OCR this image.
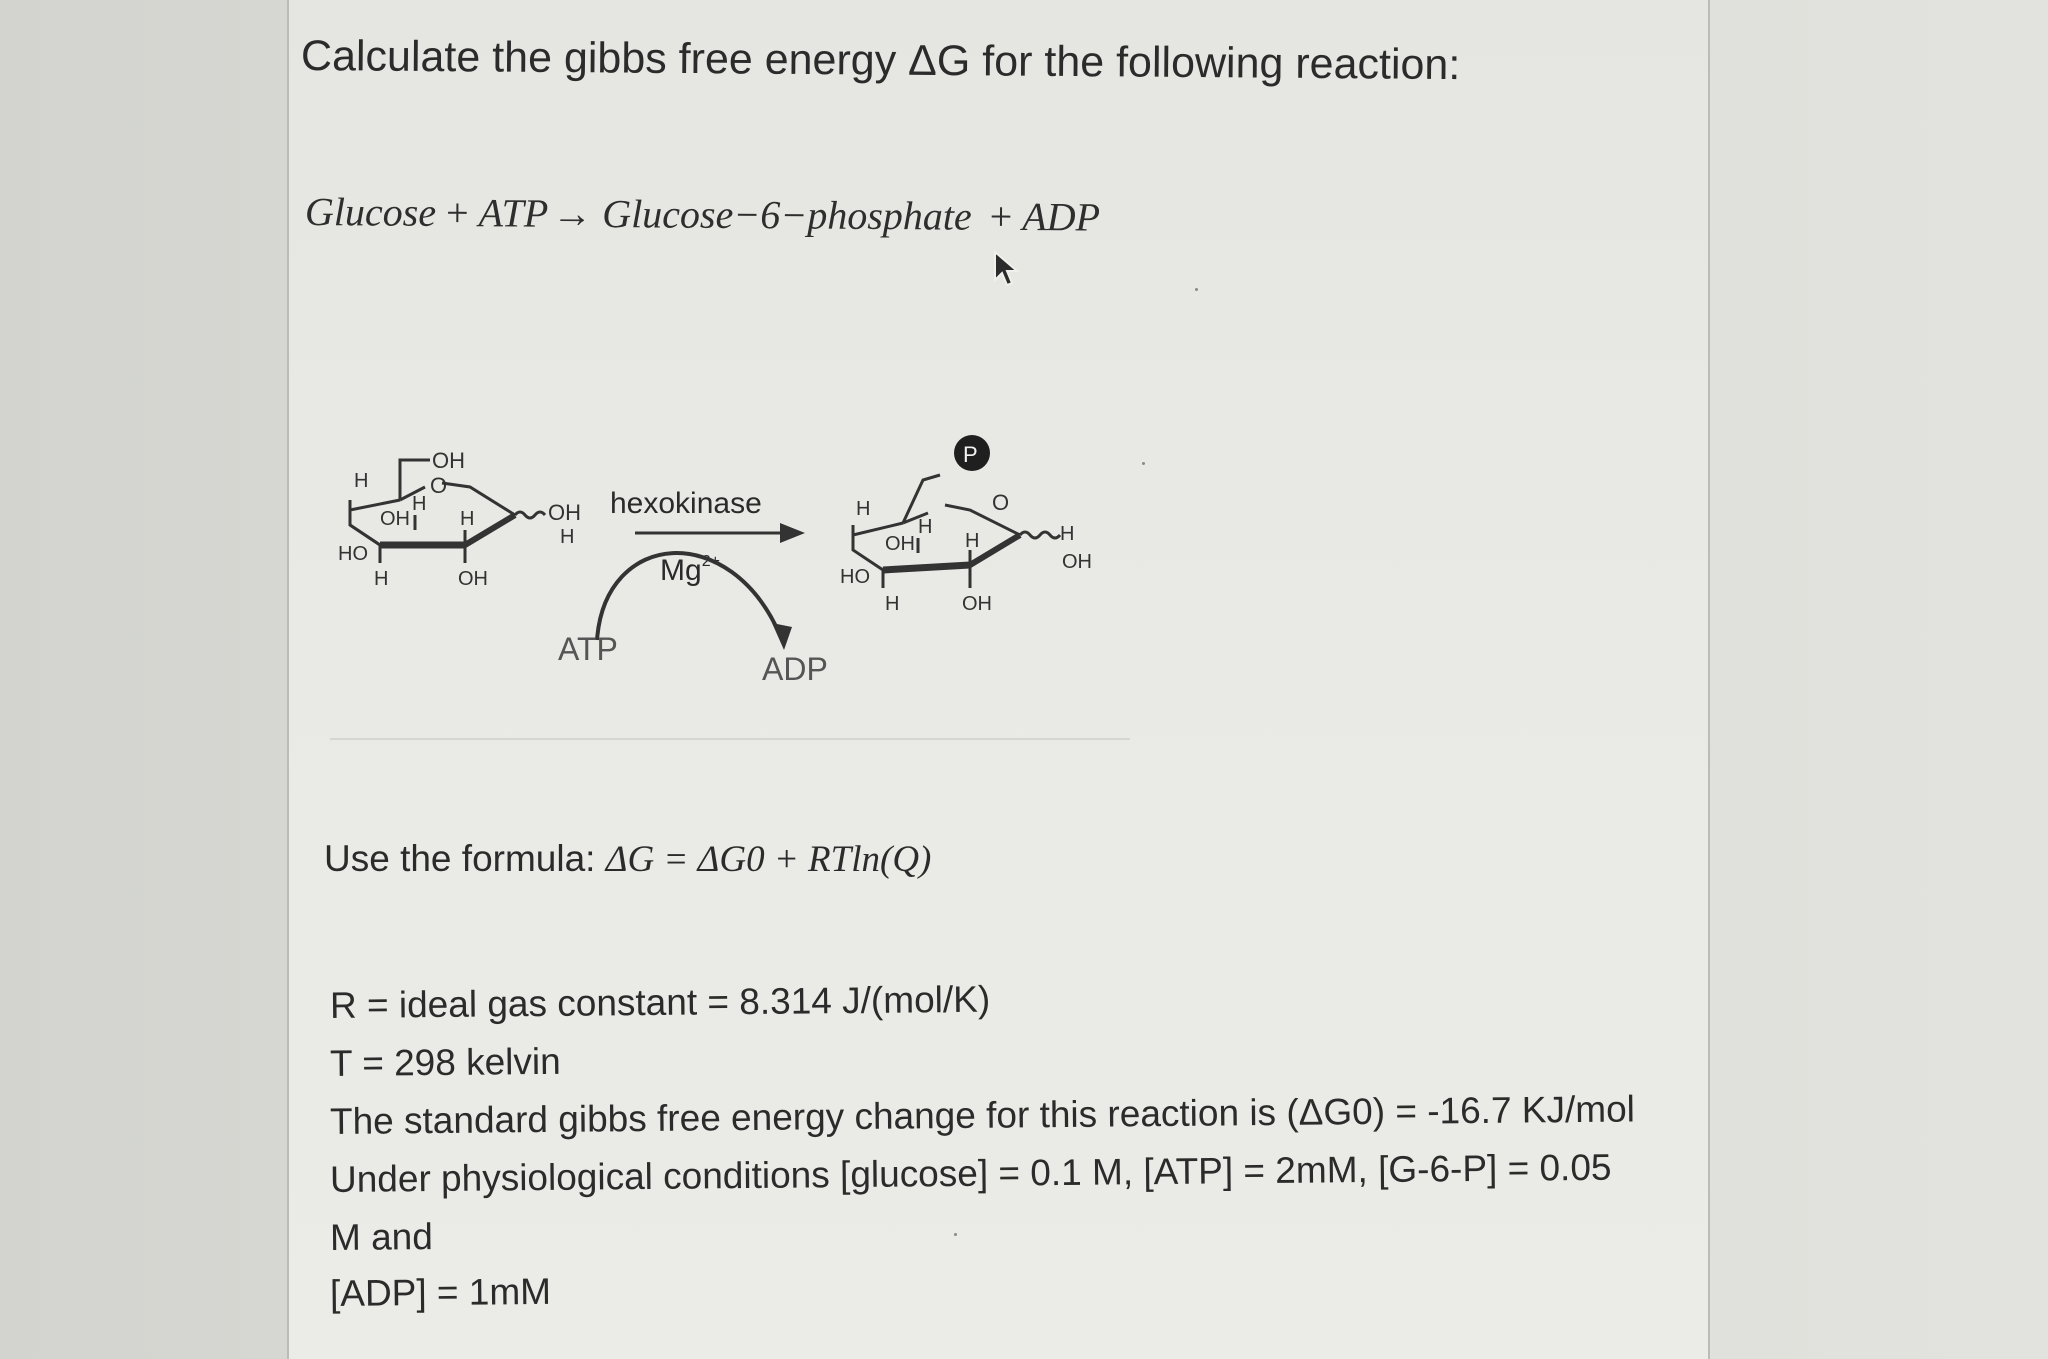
Calculate the gibbs free energy ΔG for the following reaction:
Glucose + ATP→ Glucose−6−phosphate + ADP
OH
O
H
OH
H
H
HO
H	OH
OH
H
hexokinase
$Mg^{2+}$
ATP
ADP
P
O
H
OH
H
H
HO
H	OH
H
OH
Use the formula: ΔG = ΔG0 + RTln(Q)
R = ideal gas constant = 8.314 J/(mol/K)
T = 298 kelvin
The standard gibbs free energy change for this reaction is (ΔG0) = -16.7 KJ/mol
Under physiological conditions [glucose] = 0.1 M, [ATP] = 2mM, [G-6-P] = 0.05
M and
[ADP] = 1mM
